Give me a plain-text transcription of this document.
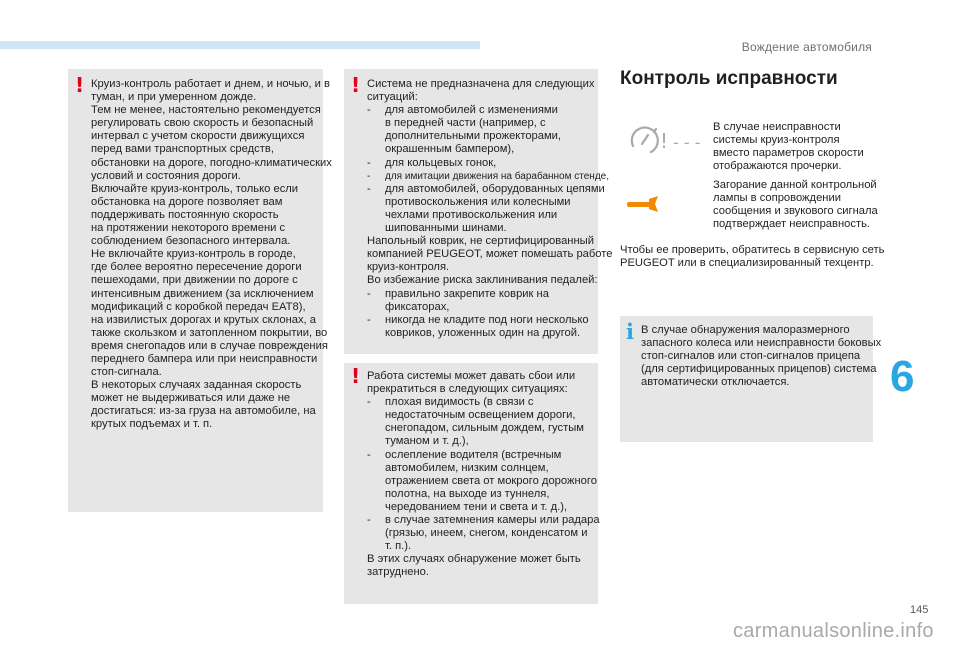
Вождение автомобиля
! Круиз-контроль работает и днем, и ночью, и в
туман, и при умеренном дожде.
Тем не менее, настоятельно рекомендуется
регулировать свою скорость и безопасный
интервал с учетом скорости движущихся
перед вами транспортных средств,
обстановки на дороге, погодно-климатических
условий и состояния дороги.
Включайте круиз-контроль, только если
обстановка на дороге позволяет вам
поддерживать постоянную скорость
на протяжении некоторого времени с
соблюдением безопасного интервала.
Не включайте круиз-контроль в городе,
где более вероятно пересечение дороги
пешеходами, при движении по дороге с
интенсивным движением (за исключением
модификаций с коробкой передач EAT8),
на извилистых дорогах и крутых склонах, а
также скользком и затопленном покрытии, во
время снегопадов или в случае повреждения
переднего бампера или при неисправности
стоп-сигнала.
В некоторых случаях заданная скорость
может не выдерживаться или даже не
достигаться: из-за груза на автомобиле, на
крутых подъемах и т. п.
! Система не предназначена для следующих
ситуаций:
- для автомобилей с изменениями
в передней части (например, с
дополнительными прожекторами,
окрашенным бампером),
- для кольцевых гонок,
- для имитации движения на барабанном стенде,
- для автомобилей, оборудованных цепями
противоскольжения или колесными
чехлами противоскольжения или
шипованными шинами.
Напольный коврик, не сертифицированный
компанией PEUGEOT, может помешать работе
круиз-контроля.
Во избежание риска заклинивания педалей:
- правильно закрепите коврик на
фиксаторах,
- никогда не кладите под ноги несколько
ковриков, уложенных один на другой.
! Работа системы может давать сбои или
прекратиться в следующих ситуациях:
- плохая видимость (в связи с
недостаточным освещением дороги,
снегопадом, сильным дождем, густым
туманом и т. д.),
- ослепление водителя (встречным
автомобилем, низким солнцем,
отражением света от мокрого дорожного
полотна, на выходе из туннеля,
чередованием тени и света и т. д.),
- в случае затемнения камеры или радара
(грязью, инеем, снегом, конденсатом и
т. п.).
В этих случаях обнаружение может быть
затруднено.
Контроль исправности
! - - -
В случае неисправности
системы круиз-контроля
вместо параметров скорости
отображаются прочерки.
Загорание данной контрольной
лампы в сопровождении
сообщения и звукового сигнала
подтверждает неисправность.
Чтобы ее проверить, обратитесь в сервисную сеть
PEUGEOT или в специализированный техцентр.
i В случае обнаружения малоразмерного
запасного колеса или неисправности боковых
стоп-сигналов или стоп-сигналов прицепа
(для сертифицированных прицепов) система
автоматически отключается.	6
145
carmanualsonline.info
